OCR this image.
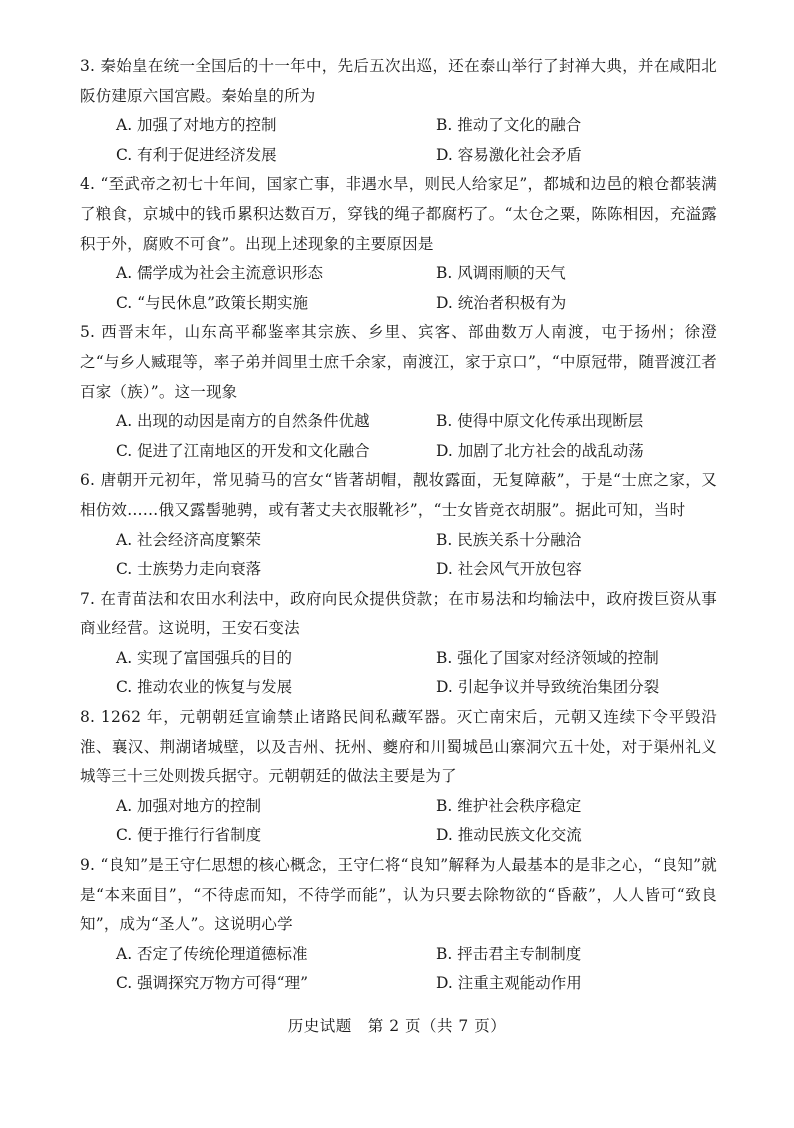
3. 秦始皇在统一全国后的十一年中，先后五次出巡，还在泰山举行了封禅大典，并在咸阳北阪仿建原六国宫殿。秦始皇的所为

A. 加强了对地方的控制	B. 推动了文化的融合
C. 有利于促进经济发展	D. 容易激化社会矛盾

4. “至武帝之初七十年间，国家亡事，非遇水旱，则民人给家足”，都城和边邑的粮仓都装满了粮食，京城中的钱币累积达数百万，穿钱的绳子都腐朽了。“太仓之粟，陈陈相因，充溢露积于外，腐败不可食”。出现上述现象的主要原因是

A. 儒学成为社会主流意识形态	B. 风调雨顺的天气
C. “与民休息”政策长期实施	D. 统治者积极有为

5. 西晋末年，山东高平郗鉴率其宗族、乡里、宾客、部曲数万人南渡，屯于扬州；徐澄之“与乡人臧琨等，率子弟并闾里士庶千余家，南渡江，家于京口”，“中原冠带，随晋渡江者百家（族）”。这一现象

A. 出现的动因是南方的自然条件优越	B. 使得中原文化传承出现断层
C. 促进了江南地区的开发和文化融合	D. 加剧了北方社会的战乱动荡

6. 唐朝开元初年，常见骑马的宫女“皆著胡帽，靓妆露面，无复障蔽”，于是“士庶之家，又相仿效……俄又露髻驰骋，或有著丈夫衣服靴衫”，“士女皆竞衣胡服”。据此可知，当时

A. 社会经济高度繁荣	B. 民族关系十分融洽
C. 士族势力走向衰落	D. 社会风气开放包容

7. 在青苗法和农田水利法中，政府向民众提供贷款；在市易法和均输法中，政府拨巨资从事商业经营。这说明，王安石变法

A. 实现了富国强兵的目的	B. 强化了国家对经济领域的控制
C. 推动农业的恢复与发展	D. 引起争议并导致统治集团分裂

8. 1262 年，元朝朝廷宣谕禁止诸路民间私藏军器。灭亡南宋后，元朝又连续下令平毁沿淮、襄汉、荆湖诸城壁，以及吉州、抚州、夔府和川蜀城邑山寨洞穴五十处，对于渠州礼义城等三十三处则拨兵据守。元朝朝廷的做法主要是为了

A. 加强对地方的控制	B. 维护社会秩序稳定
C. 便于推行行省制度	D. 推动民族文化交流

9. “良知”是王守仁思想的核心概念，王守仁将“良知”解释为人最基本的是非之心，“良知”就是“本来面目”，“不待虑而知，不待学而能”，认为只要去除物欲的“昏蔽”，人人皆可“致良知”，成为“圣人”。这说明心学

A. 否定了传统伦理道德标准	B. 抨击君主专制制度
C. 强调探究万物方可得“理”	D. 注重主观能动作用
历史试题　第 2 页（共 7 页）
